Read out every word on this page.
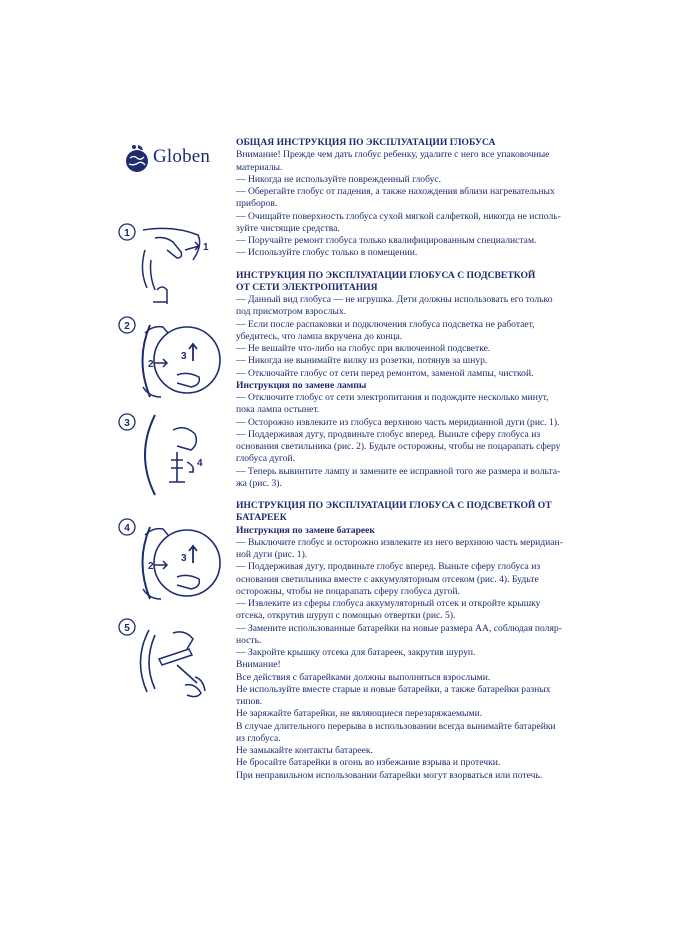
Globen
1
1
2
2
3
3
4
4
2
3
5

ОБЩАЯ ИНСТРУКЦИЯ ПО ЭКСПЛУАТАЦИИ ГЛОБУСА

Внимание! Прежде чем дать глобус ребенку, удалите с него все упаковочные

материалы.

— Никогда не используйте поврежденный глобус.

— Оберегайте глобус от падения, а также нахождения вблизи нагревательных

приборов.

— Очищайте поверхность глобуса сухой мягкой салфеткой, никогда не исполь-

зуйте чистящие средства.

— Поручайте ремонт глобуса только квалифицированным специалистам.

— Используйте глобус только в помещении.

ИНСТРУКЦИЯ ПО ЭКСПЛУАТАЦИИ ГЛОБУСА С ПОДСВЕТКОЙ

ОТ СЕТИ ЭЛЕКТРОПИТАНИЯ

— Данный вид глобуса — не игрушка. Дети должны использовать его только

под присмотром взрослых.

— Если после распаковки и подключения глобуса подсветка не работает,

убедитесь, что лампа вкручена до конца.

— Не вешайте что-либо на глобус при включенной подсветке.

— Никогда не вынимайте вилку из розетки, потянув за шнур.

— Отключайте глобус от сети перед ремонтом, заменой лампы, чисткой.

Инструкция по замене лампы

— Отключите глобус от сети электропитания и подождите несколько минут,

пока лампа остынет.

— Осторожно извлеките из глобуса верхнюю часть меридианной дуги (рис. 1).

— Поддерживая дугу, продвиньте глобус вперед. Выньте сферу глобуса из

основания светильника (рис. 2). Будьте осторожны, чтобы не поцарапать сферу

глобуса дугой.

— Теперь вывинтите лампу и замените ее исправной того же размера и вольта-

жа (рис. 3).

ИНСТРУКЦИЯ ПО ЭКСПЛУАТАЦИИ ГЛОБУСА С ПОДСВЕТКОЙ ОТ

БАТАРЕЕК

Инструкция по замене батареек

— Выключите глобус и осторожно извлеките из него верхнюю часть меридиан-

ной дуги (рис. 1).

— Поддерживая дугу, продвиньте глобус вперед. Выньте сферу глобуса из

основания светильника вместе с аккумуляторным отсеком (рис. 4). Будьте

осторожны, чтобы не поцарапать сферу глобуса дугой.

— Извлеките из сферы глобуса аккумуляторный отсек и откройте крышку

отсека, открутив шуруп с помощью отвертки (рис. 5).

— Замените использованные батарейки на новые размера АА, соблюдая поляр-

ность.

— Закройте крышку отсека для батареек, закрутив шуруп.

Внимание!

Все действия с батарейками должны выполняться взрослыми.

Не используйте вместе старые и новые батарейки, а также батарейки разных

типов.

Не заряжайте батарейки, не являющиеся перезаряжаемыми.

В случае длительного перерыва в использовании всегда вынимайте батарейки

из глобуса.

Не замыкайте контакты батареек.

Не бросайте батарейки в огонь во избежание взрыва и протечки.

При неправильном использовании батарейки могут взорваться или потечь.
